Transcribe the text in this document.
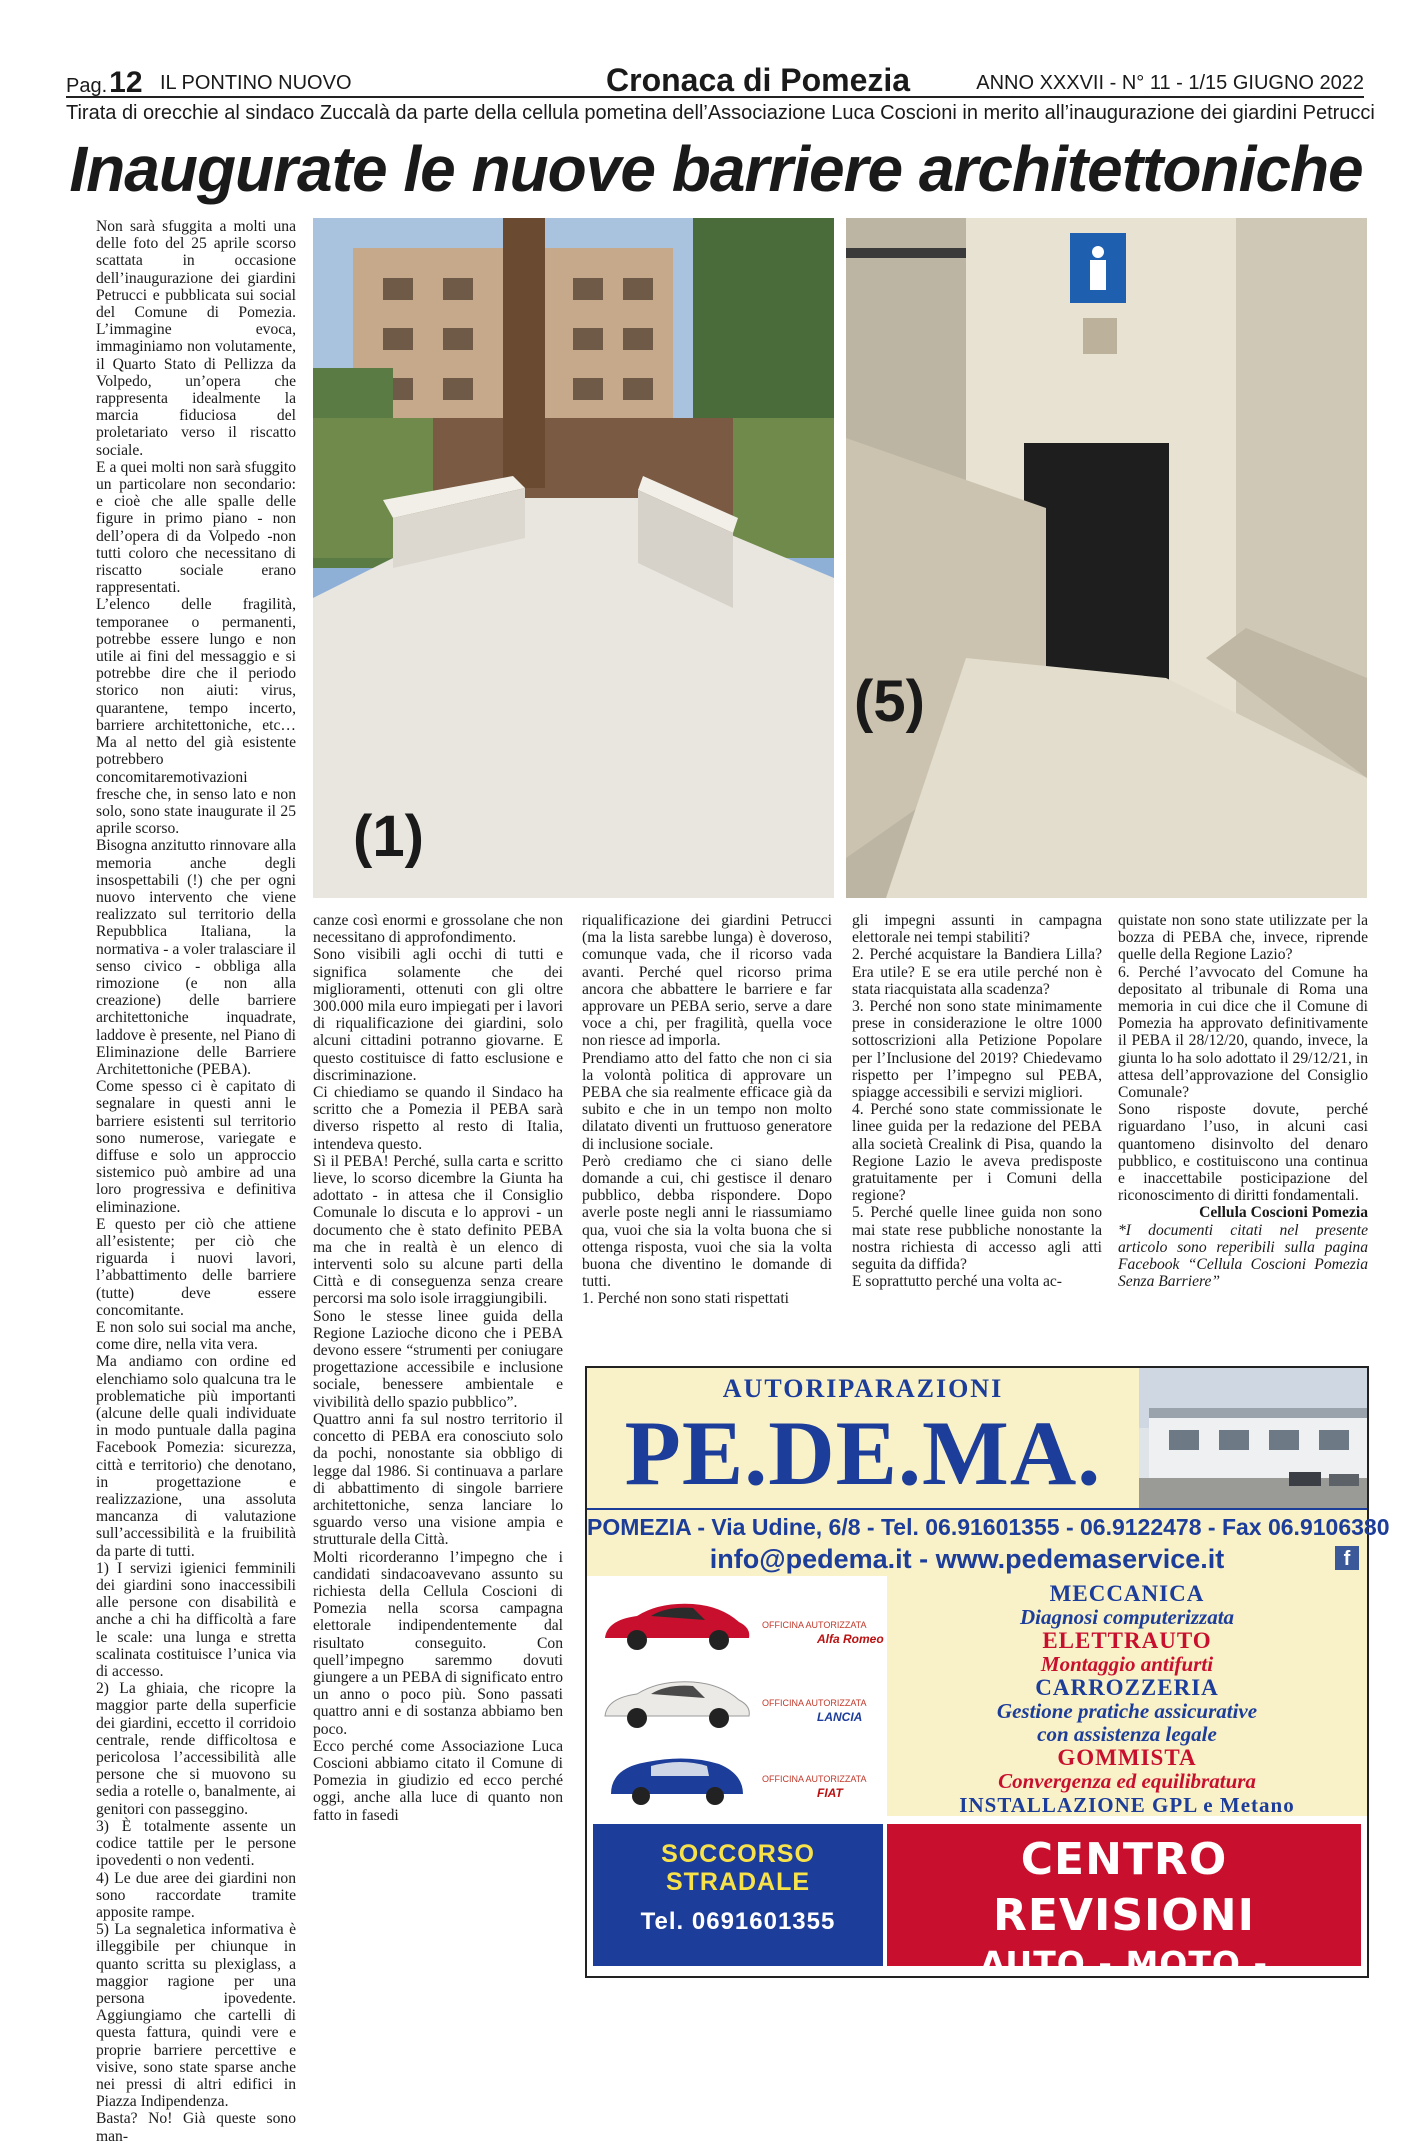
Pag.12 IL PONTINO NUOVO	Cronaca di Pomezia	ANNO XXXVII - N° 11 - 1/15 GIUGNO 2022
Tirata di orecchie al sindaco Zuccalà da parte della cellula pometina dell’Associazione Luca Coscioni in merito all’inaugurazione dei giardini Petrucci
Inaugurate le nuove barriere architettoniche

Non sarà sfuggita a molti una delle foto del 25 aprile scorso scattata in occasione dell’inaugurazione dei giardini Petrucci e pubblicata sui social del Comune di Pomezia. L’immagine evoca, immaginiamo non volutamente, il Quarto Stato di Pellizza da Volpedo, un’opera che rappresenta idealmente la marcia fiduciosa del proletariato verso il riscatto sociale.

E a quei molti non sarà sfuggito un particolare non secondario: e cioè che alle spalle delle figure in primo piano - non dell’opera di da Volpedo -non tutti coloro che necessitano di riscatto sociale erano rappresentati.

L’elenco delle fragilità, temporanee o permanenti, potrebbe essere lungo e non utile ai fini del messaggio e si potrebbe dire che il periodo storico non aiuti: virus, quarantene, tempo incerto, barriere architettoniche, etc… Ma al netto del già esistente potrebbero concomitaremotivazioni fresche che, in senso lato e non solo, sono state inaugurate il 25 aprile scorso.

Bisogna anzitutto rinnovare alla memoria anche degli insospettabili (!) che per ogni nuovo intervento che viene realizzato sul territorio della Repubblica Italiana, la normativa - a voler tralasciare il senso civico - obbliga alla rimozione (e non alla creazione) delle barriere architettoniche inquadrate, laddove è presente, nel Piano di Eliminazione delle Barriere Architettoniche (PEBA).

Come spesso ci è capitato di segnalare in questi anni le barriere esistenti sul territorio sono numerose, variegate e diffuse e solo un approccio sistemico può ambire ad una loro progressiva e definitiva eliminazione.

E questo per ciò che attiene all’esistente; per ciò che riguarda i nuovi lavori, l’abbattimento delle barriere (tutte) deve essere concomitante.

E non solo sui social ma anche, come dire, nella vita vera.

Ma andiamo con ordine ed elenchiamo solo qualcuna tra le problematiche più importanti (alcune delle quali individuate in modo puntuale dalla pagina Facebook Pomezia: sicurezza, città e territorio) che denotano, in progettazione e realizzazione, una assoluta mancanza di valutazione sull’accessibilità e la fruibilità da parte di tutti.

1) I servizi igienici femminili dei giardini sono inaccessibili alle persone con disabilità e anche a chi ha difficoltà a fare le scale: una lunga e stretta scalinata costituisce l’unica via di accesso.

2) La ghiaia, che ricopre la maggior parte della superficie dei giardini, eccetto il corridoio centrale, rende difficoltosa e pericolosa l’accessibilità alle persone che si muovono su sedia a rotelle o, banalmente, ai genitori con passeggino.

3) È totalmente assente un codice tattile per le persone ipovedenti o non vedenti.

4) Le due aree dei giardini non sono raccordate tramite apposite rampe.

5) La segnaletica informativa è illeggibile per chiunque in quanto scritta su plexiglass, a maggior ragione per una persona ipovedente. Aggiungiamo che cartelli di questa fattura, quindi vere e proprie barriere percettive e visive, sono state sparse anche nei pressi di altri edifici in Piazza Indipendenza.

Basta? No! Già queste sono man-

(1)
(5)

canze così enormi e grossolane che non necessitano di approfondimento.

Sono visibili agli occhi di tutti e significa solamente che dei miglioramenti, ottenuti con gli oltre 300.000 mila euro impiegati per i lavori di riqualificazione dei giardini, solo alcuni cittadini potranno giovarne. E questo costituisce di fatto esclusione e discriminazione.

Ci chiediamo se quando il Sindaco ha scritto che a Pomezia il PEBA sarà diverso rispetto al resto di Italia, intendeva questo.

Sì il PEBA! Perché, sulla carta e scritto lieve, lo scorso dicembre la Giunta ha adottato - in attesa che il Consiglio Comunale lo discuta e lo approvi - un documento che è stato definito PEBA ma che in realtà è un elenco di interventi solo su alcune parti della Città e di conseguenza senza creare percorsi ma solo isole irraggiungibili.

Sono le stesse linee guida della Regione Lazioche dicono che i PEBA devono essere “strumenti per coniugare progettazione accessibile e inclusione sociale, benessere ambientale e vivibilità dello spazio pubblico”.

Quattro anni fa sul nostro territorio il concetto di PEBA era conosciuto solo da pochi, nonostante sia obbligo di legge dal 1986. Si continuava a parlare di abbattimento di singole barriere architettoniche, senza lanciare lo sguardo verso una visione ampia e strutturale della Città.

Molti ricorderanno l’impegno che i candidati sindacoavevano assunto su richiesta della Cellula Coscioni di Pomezia nella scorsa campagna elettorale indipendentemente dal risultato conseguito. Con quell’impegno saremmo dovuti giungere a un PEBA di significato entro un anno o poco più. Sono passati quattro anni e di sostanza abbiamo ben poco.

Ecco perché come Associazione Luca Coscioni abbiamo citato il Comune di Pomezia in giudizio ed ecco perché oggi, anche alla luce di quanto non fatto in fasedi

riqualificazione dei giardini Petrucci (ma la lista sarebbe lunga) è doveroso, comunque vada, che il ricorso vada avanti. Perché quel ricorso prima ancora che abbattere le barriere e far approvare un PEBA serio, serve a dare voce a chi, per fragilità, quella voce non riesce ad imporla.

Prendiamo atto del fatto che non ci sia la volontà politica di approvare un PEBA che sia realmente efficace già da subito e che in un tempo non molto dilatato diventi un fruttuoso generatore di inclusione sociale.

Però crediamo che ci siano delle domande a cui, chi gestisce il denaro pubblico, debba rispondere. Dopo averle poste negli anni le riassumiamo qua, vuoi che sia la volta buona che si ottenga risposta, vuoi che sia la volta buona che diventino le domande di tutti.

1. Perché non sono stati rispettati

gli impegni assunti in campagna elettorale nei tempi stabiliti?

2. Perché acquistare la Bandiera Lilla? Era utile? E se era utile perché non è stata riacquistata alla scadenza?

3. Perché non sono state minimamente prese in considerazione le oltre 1000 sottoscrizioni alla Petizione Popolare per l’Inclusione del 2019? Chiedevamo rispetto per l’impegno sul PEBA, spiagge accessibili e servizi migliori.

4. Perché sono state commissionate le linee guida per la redazione del PEBA alla società Crealink di Pisa, quando la Regione Lazio le aveva predisposte gratuitamente per i Comuni della regione?

5. Perché quelle linee guida non sono mai state rese pubbliche nonostante la nostra richiesta di accesso agli atti seguita da diffida?

E soprattutto perché una volta ac-

quistate non sono state utilizzate per la bozza di PEBA che, invece, riprende quelle della Regione Lazio?

6. Perché l’avvocato del Comune ha depositato al tribunale di Roma una memoria in cui dice che il Comune di Pomezia ha approvato definitivamente il PEBA il 28/12/20, quando, invece, la giunta lo ha solo adottato il 29/12/21, in attesa dell’approvazione del Consiglio Comunale?

Sono risposte dovute, perché riguardano l’uso, in alcuni casi quantomeno disinvolto del denaro pubblico, e costituiscono una continua e inaccettabile posticipazione del riconoscimento di diritti fondamentali.

Cellula Coscioni Pomezia

*I documenti citati nel presente articolo sono reperibili sulla pagina Facebook “Cellula Coscioni Pomezia Senza Barriere”

AUTORIPARAZIONI
PE.DE.MA.
POMEZIA - Via Udine, 6/8 - Tel. 06.91601355 - 06.9122478 - Fax 06.9106380
info@pedema.it - www.pedemaservice.it	f
OFFICINA AUTORIZZATA
Alfa Romeo
OFFICINA AUTORIZZATA
LANCIA
OFFICINA AUTORIZZATA
FIAT
MECCANICA
Diagnosi computerizzata
ELETTRAUTO
Montaggio antifurti
CARROZZERIA
Gestione pratiche assicurative
con assistenza legale
GOMMISTA
Convergenza ed equilibratura
INSTALLAZIONE GPL e Metano
SOCCORSO
STRADALE
Tel. 0691601355
CENTRO REVISIONI
AUTO - MOTO - SCOOTER
